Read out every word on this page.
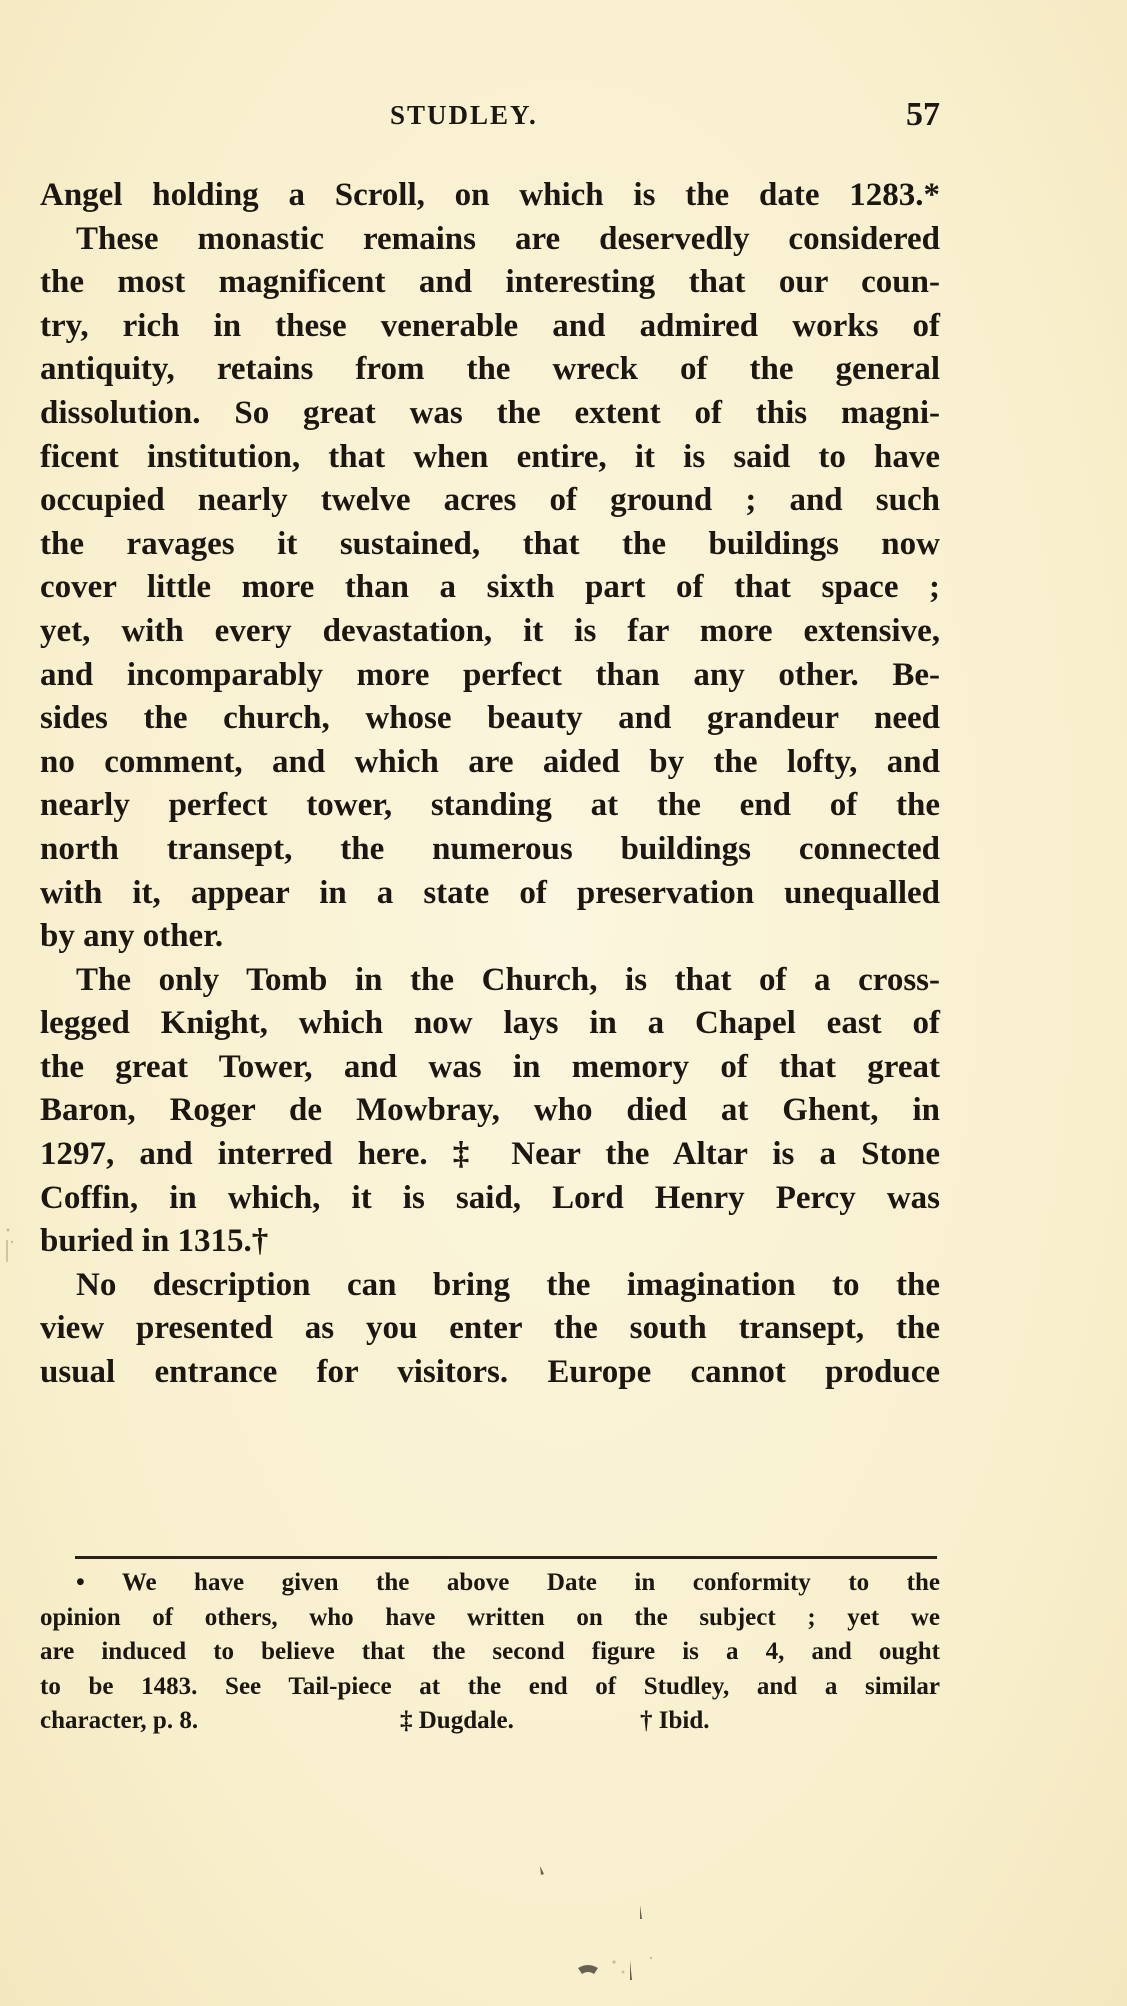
STUDLEY.	57
Angel holding a Scroll, on which is the date 1283.*
These monastic remains are deservedly considered
the most magnificent and interesting that our coun-
try, rich in these venerable and admired works of
antiquity, retains from the wreck of the general
dissolution. So great was the extent of this magni-
ficent institution, that when entire, it is said to have
occupied nearly twelve acres of ground ; and such
the ravages it sustained, that the buildings now
cover little more than a sixth part of that space ;
yet, with every devastation, it is far more extensive,
and incomparably more perfect than any other. Be-
sides the church, whose beauty and grandeur need
no comment, and which are aided by the lofty, and
nearly perfect tower, standing at the end of the
north transept, the numerous buildings connected
with it, appear in a state of preservation unequalled
by any other.
The only Tomb in the Church, is that of a cross-
legged Knight, which now lays in a Chapel east of
the great Tower, and was in memory of that great
Baron, Roger de Mowbray, who died at Ghent, in
1297, and interred here. ‡ Near the Altar is a Stone
Coffin, in which, it is said, Lord Henry Percy was
buried in 1315.†
No description can bring the imagination to the
view presented as you enter the south transept, the
usual entrance for visitors. Europe cannot produce
• We have given the above Date in conformity to the
opinion of others, who have written on the subject ; yet we
are induced to believe that the second figure is a 4, and ought
to be 1483. See Tail-piece at the end of Studley, and a similar
character, p. 8.	‡ Dugdale.	† Ibid.
